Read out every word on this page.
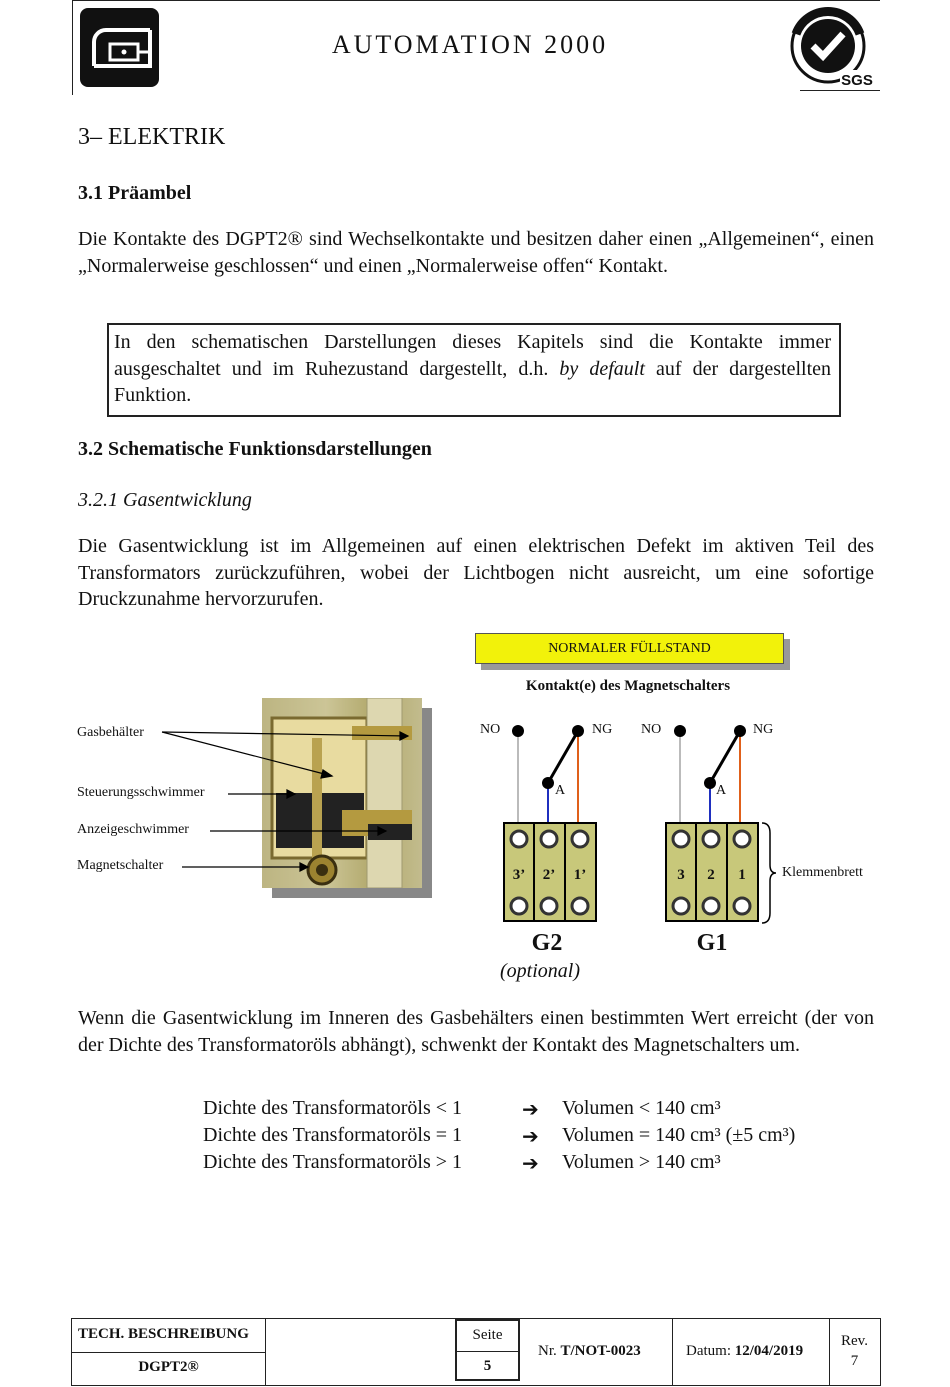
AUTOMATION 2000
SGS
3– ELEKTRIK
3.1 Präambel
Die Kontakte des DGPT2® sind Wechselkontakte und besitzen daher einen „Allgemeinen“, einen „Normalerweise geschlossen“ und einen „Normalerweise offen“ Kontakt.
In den schematischen Darstellungen dieses Kapitels sind die Kontakte immer ausgeschaltet und im Ruhezustand dargestellt, d.h. by default auf der dargestellten Funktion.
3.2 Schematische Funktionsdarstellungen
3.2.1 Gasentwicklung
Die Gasentwicklung ist im Allgemeinen auf einen elektrischen Defekt im aktiven Teil des Transformators zurückzuführen, wobei der Lichtbogen nicht ausreicht, um eine sofortige Druckzunahme hervorzurufen.
NORMALER FÜLLSTAND
Kontakt(e) des Magnetschalters
Gasbehälter
Steuerungsschwimmer
Anzeigeschwimmer
Magnetschalter
NO	NG
A
NO	NG
A
3’ 2’ 1’	3	2	1	Klemmenbrett
G2
(optional)
G1
Wenn die Gasentwicklung im Inneren des Gasbehälters einen bestimmten Wert erreicht (der von der Dichte des Transformatoröls abhängt), schwenkt der Kontakt des Magnetschalters um.
Dichte des Transformatoröls < 1	➔ Volumen < 140 cm³
Dichte des Transformatoröls = 1	➔ Volumen = 140 cm³ (±5 cm³)
Dichte des Transformatoröls > 1	➔ Volumen > 140 cm³
TECH. BESCHREIBUNG
DGPT2®
Seite
5
Nr. T/NOT-0023	Datum: 12/04/2019
Rev.
7
